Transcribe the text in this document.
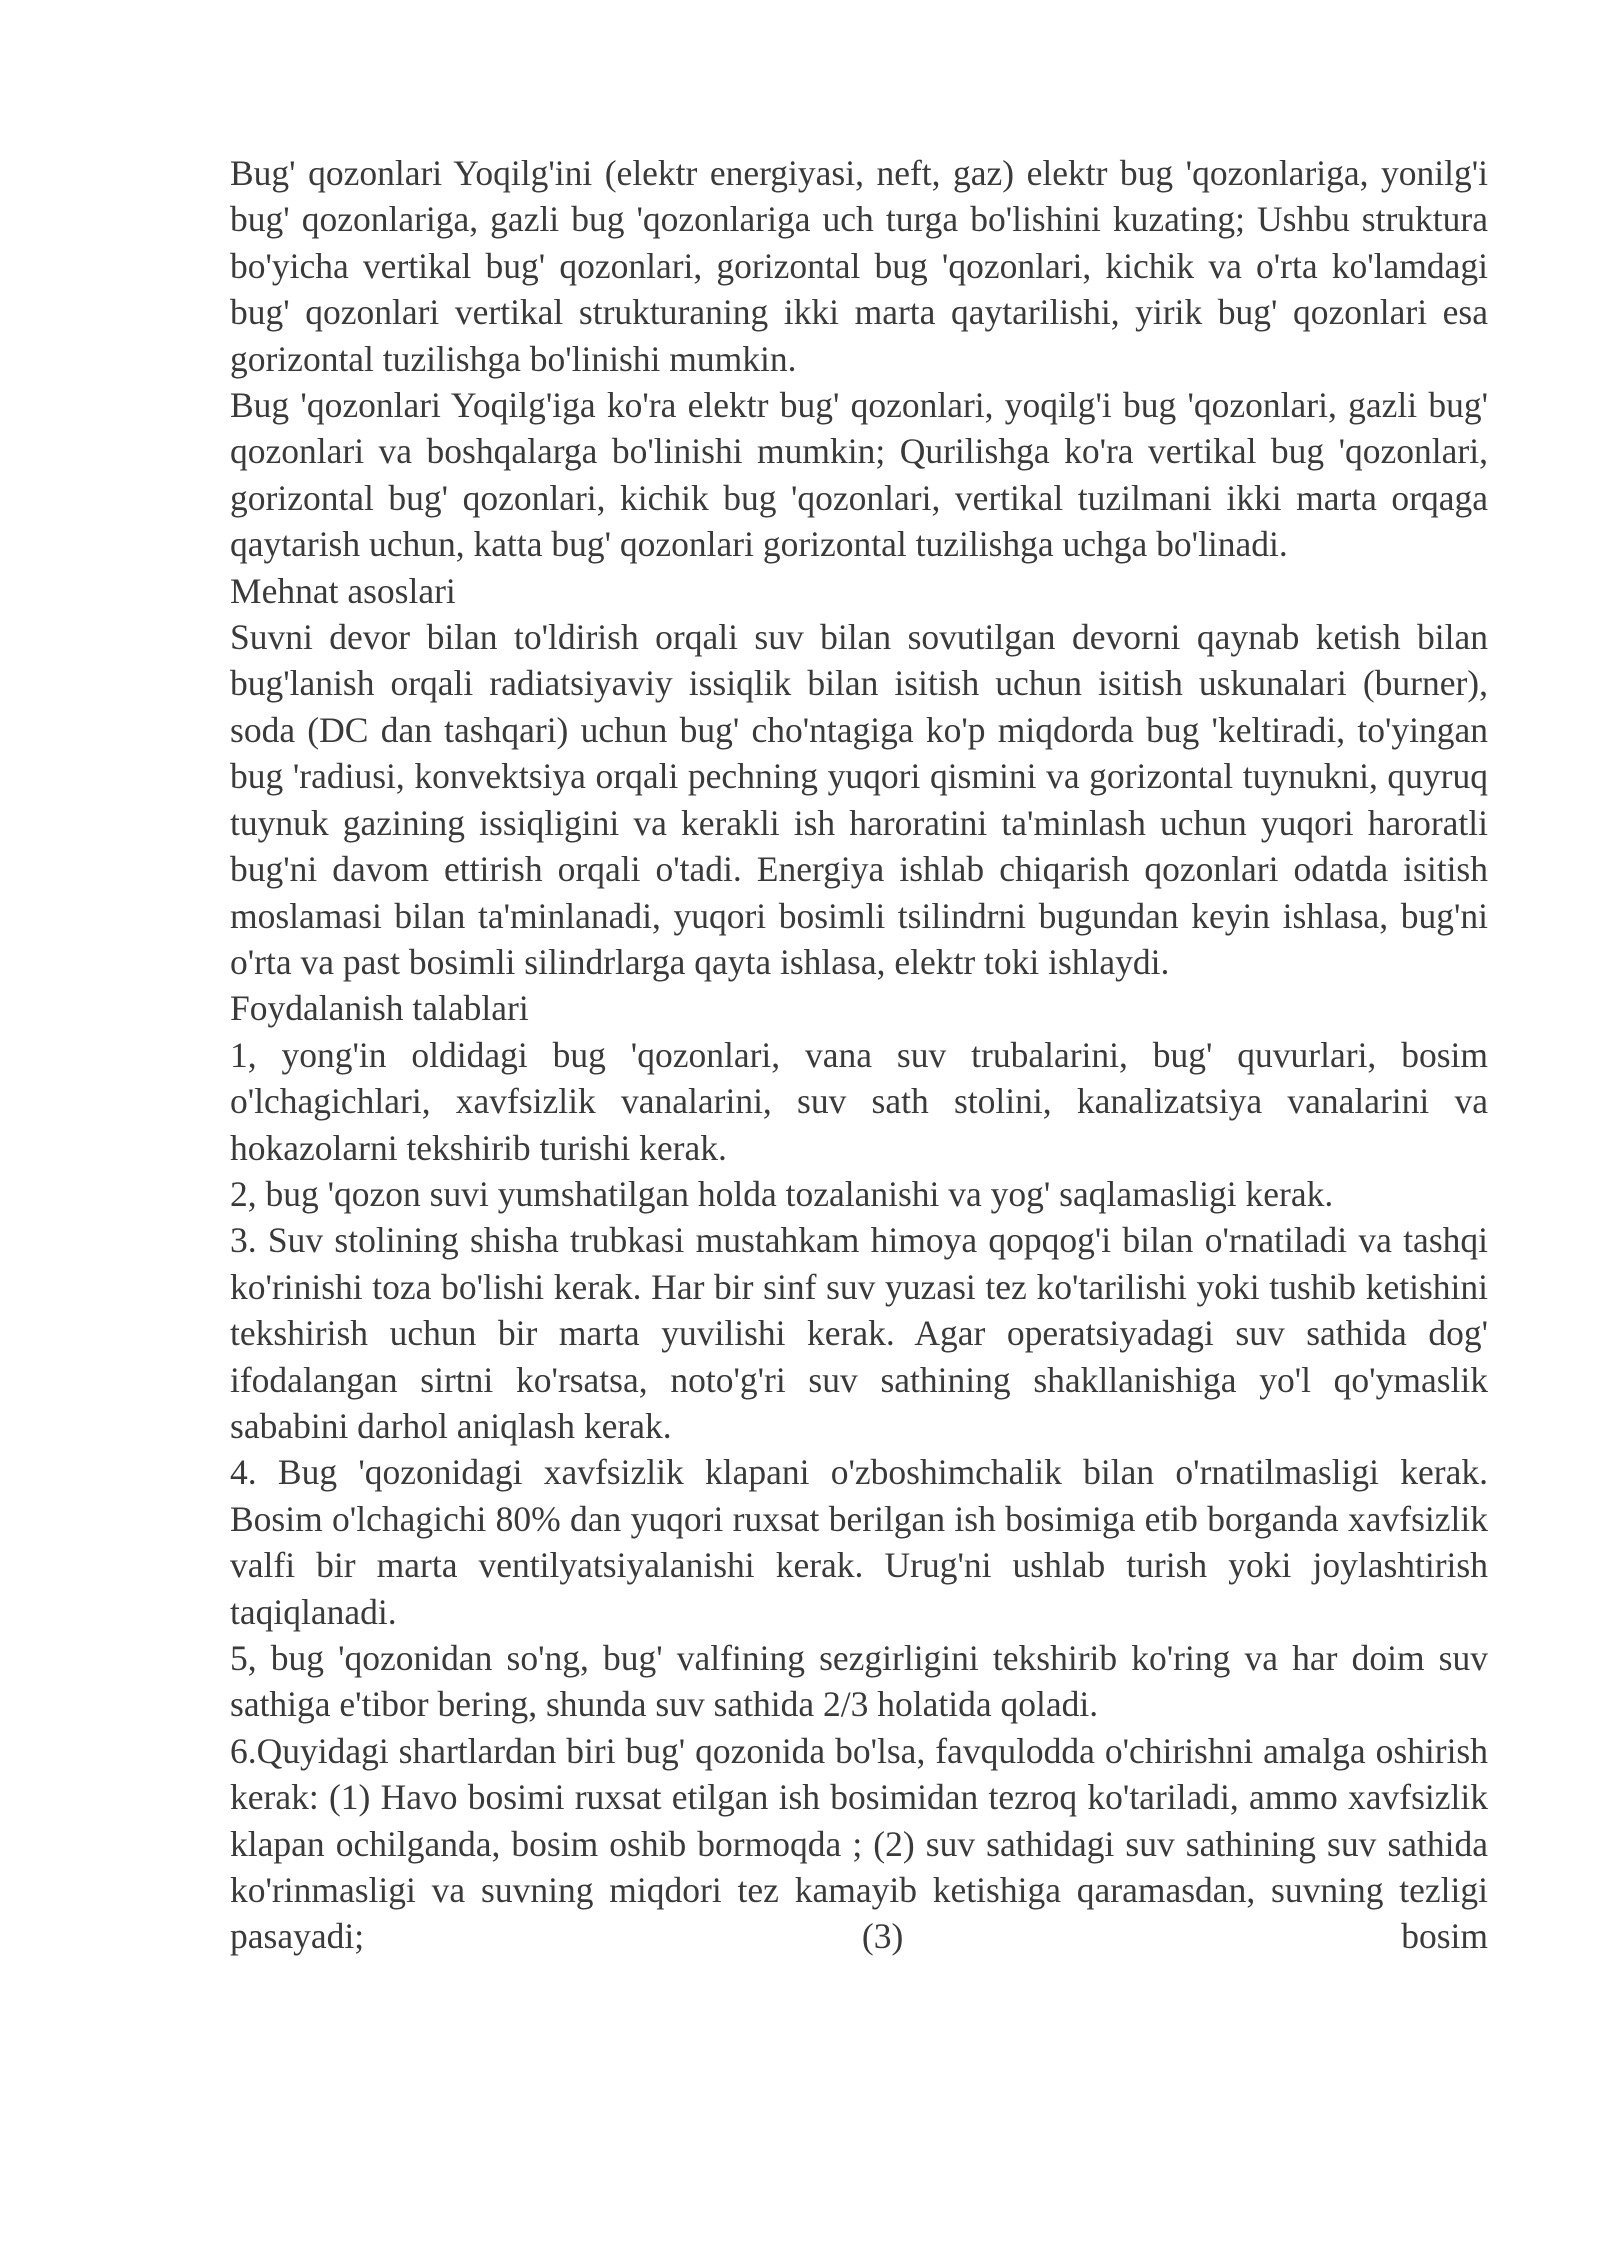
Bug' qozonlari Yoqilg'ini (elektr energiyasi, neft, gaz) elektr bug 'qozonlariga, yonilg'i bug' qozonlariga, gazli bug 'qozonlariga uch turga bo'lishini kuzating; Ushbu struktura bo'yicha vertikal bug' qozonlari, gorizontal bug 'qozonlari, kichik va o'rta ko'lamdagi bug' qozonlari vertikal strukturaning ikki marta qaytarilishi, yirik bug' qozonlari esa gorizontal tuzilishga bo'linishi mumkin.

Bug 'qozonlari Yoqilg'iga ko'ra elektr bug' qozonlari, yoqilg'i bug 'qozonlari, gazli bug' qozonlari va boshqalarga bo'linishi mumkin; Qurilishga ko'ra vertikal bug 'qozonlari, gorizontal bug' qozonlari, kichik bug 'qozonlari, vertikal tuzilmani ikki marta orqaga qaytarish uchun, katta bug' qozonlari gorizontal tuzilishga uchga bo'linadi.

Mehnat asoslari

Suvni devor bilan to'ldirish orqali suv bilan sovutilgan devorni qaynab ketish bilan bug'lanish orqali radiatsiyaviy issiqlik bilan isitish uchun isitish uskunalari (burner), soda (DC dan tashqari) uchun bug' cho'ntagiga ko'p miqdorda bug 'keltiradi, to'yingan bug 'radiusi, konvektsiya orqali pechning yuqori qismini va gorizontal tuynukni, quyruq tuynuk gazining issiqligini va kerakli ish haroratini ta'minlash uchun yuqori haroratli bug'ni davom ettirish orqali o'tadi. Energiya ishlab chiqarish qozonlari odatda isitish moslamasi bilan ta'minlanadi, yuqori bosimli tsilindrni bugundan keyin ishlasa, bug'ni o'rta va past bosimli silindrlarga qayta ishlasa, elektr toki ishlaydi.

Foydalanish talablari

1, yong'in oldidagi bug 'qozonlari, vana suv trubalarini, bug' quvurlari, bosim o'lchagichlari, xavfsizlik vanalarini, suv sath stolini, kanalizatsiya vanalarini va hokazolarni tekshirib turishi kerak.

2, bug 'qozon suvi yumshatilgan holda tozalanishi va yog' saqlamasligi kerak.

3. Suv stolining shisha trubkasi mustahkam himoya qopqog'i bilan o'rnatiladi va tashqi ko'rinishi toza bo'lishi kerak. Har bir sinf suv yuzasi tez ko'tarilishi yoki tushib ketishini tekshirish uchun bir marta yuvilishi kerak. Agar operatsiyadagi suv sathida dog' ifodalangan sirtni ko'rsatsa, noto'g'ri suv sathining shakllanishiga yo'l qo'ymaslik sababini darhol aniqlash kerak.

4. Bug 'qozonidagi xavfsizlik klapani o'zboshimchalik bilan o'rnatilmasligi kerak. Bosim o'lchagichi 80% dan yuqori ruxsat berilgan ish bosimiga etib borganda xavfsizlik valfi bir marta ventilyatsiyalanishi kerak. Urug'ni ushlab turish yoki joylashtirish taqiqlanadi.

5, bug 'qozonidan so'ng, bug' valfining sezgirligini tekshirib ko'ring va har doim suv sathiga e'tibor bering, shunda suv sathida 2/3 holatida qoladi.

6.Quyidagi shartlardan biri bug' qozonida bo'lsa, favqulodda o'chirishni amalga oshirish kerak: (1) Havo bosimi ruxsat etilgan ish bosimidan tezroq ko'tariladi, ammo xavfsizlik klapan ochilganda, bosim oshib bormoqda ; (2) suv sathidagi suv sathining suv sathida ko'rinmasligi va suvning miqdori tez kamayib ketishiga qaramasdan, suvning tezligi pasayadi; (3) bosim
